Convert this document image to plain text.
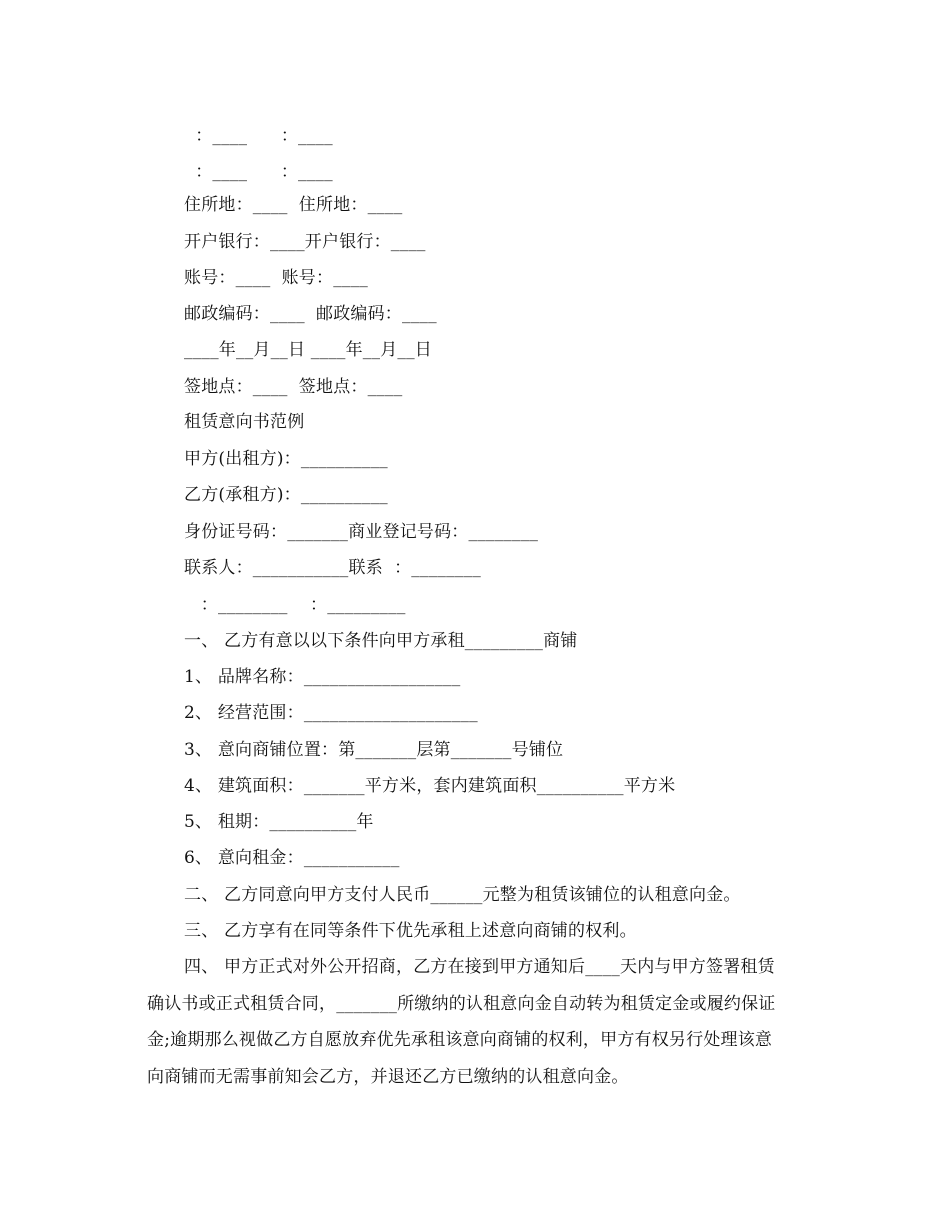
：____      ：____
：____      ：____
住所地：____  住所地：____
开户银行：____开户银行：____
账号：____  账号：____
邮政编码：____  邮政编码：____
____年__月__日 ____年__月__日
签地点：____  签地点：____
租赁意向书范例
甲方(出租方)：__________
乙方(承租方)：__________
身份证号码：_______商业登记号码：________
联系人：___________联系  ：________
：________    ：_________
一、 乙方有意以以下条件向甲方承租_________商铺
1、 品牌名称：__________________
2、 经营范围：____________________
3、 意向商铺位置：第_______层第_______号铺位
4、 建筑面积：_______平方米，套内建筑面积__________平方米
5、 租期：__________年
6、 意向租金：___________
二、 乙方同意向甲方支付人民币______元整为租赁该铺位的认租意向金。
三、 乙方享有在同等条件下优先承租上述意向商铺的权利。
四、 甲方正式对外公开招商，乙方在接到甲方通知后____天内与甲方签署租赁确认书或正式租赁合同，_______所缴纳的认租意向金自动转为租赁定金或履约保证金;逾期那么视做乙方自愿放弃优先承租该意向商铺的权利，甲方有权另行处理该意向商铺而无需事前知会乙方，并退还乙方已缴纳的认租意向金。
